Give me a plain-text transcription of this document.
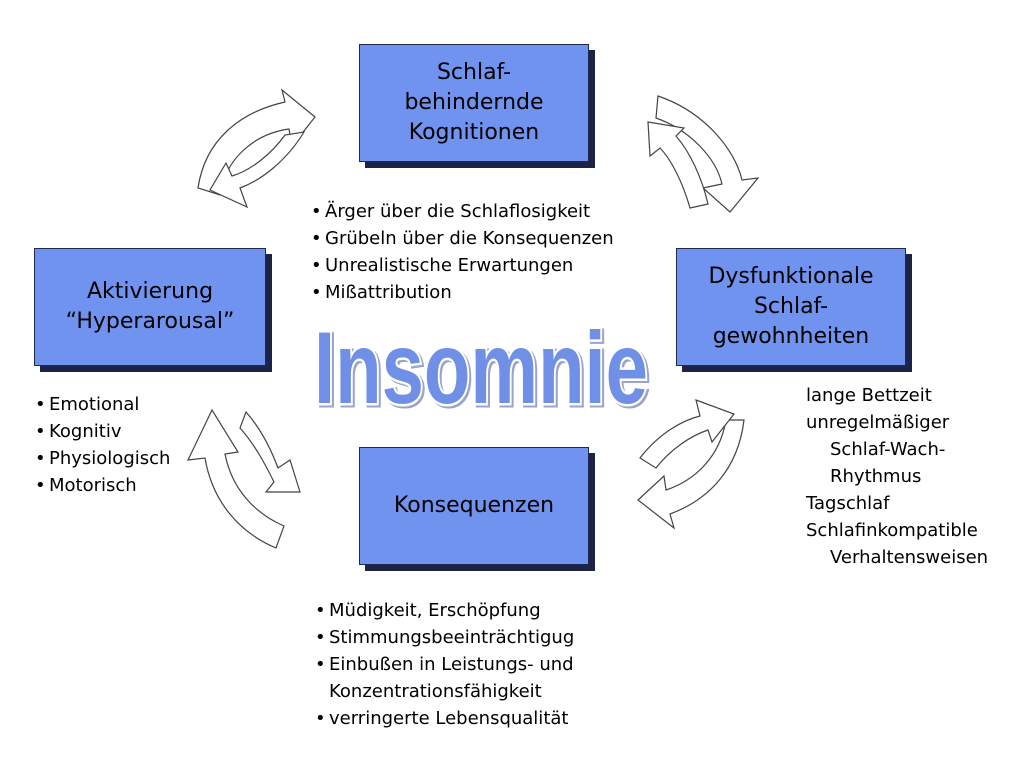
Schlaf-
behindernde
Kognitionen
Aktivierung
“Hyperarousal”
Dysfunktionale
Schlaf-
gewohnheiten
Konsequenzen
Insomnie
• Ärger über die Schlaflosigkeit
• Grübeln über die Konsequenzen
• Unrealistische Erwartungen
• Mißattribution
• Emotional
• Kognitiv
• Physiologisch
• Motorisch
• Müdigkeit, Erschöpfung
• Stimmungsbeeinträchtigug
• Einbußen in Leistungs- und
Konzentrationsfähigkeit
• verringerte Lebensqualität
lange Bettzeit
unregelmäßiger
Schlaf-Wach-
Rhythmus
Tagschlaf
Schlafinkompatible
Verhaltensweisen
